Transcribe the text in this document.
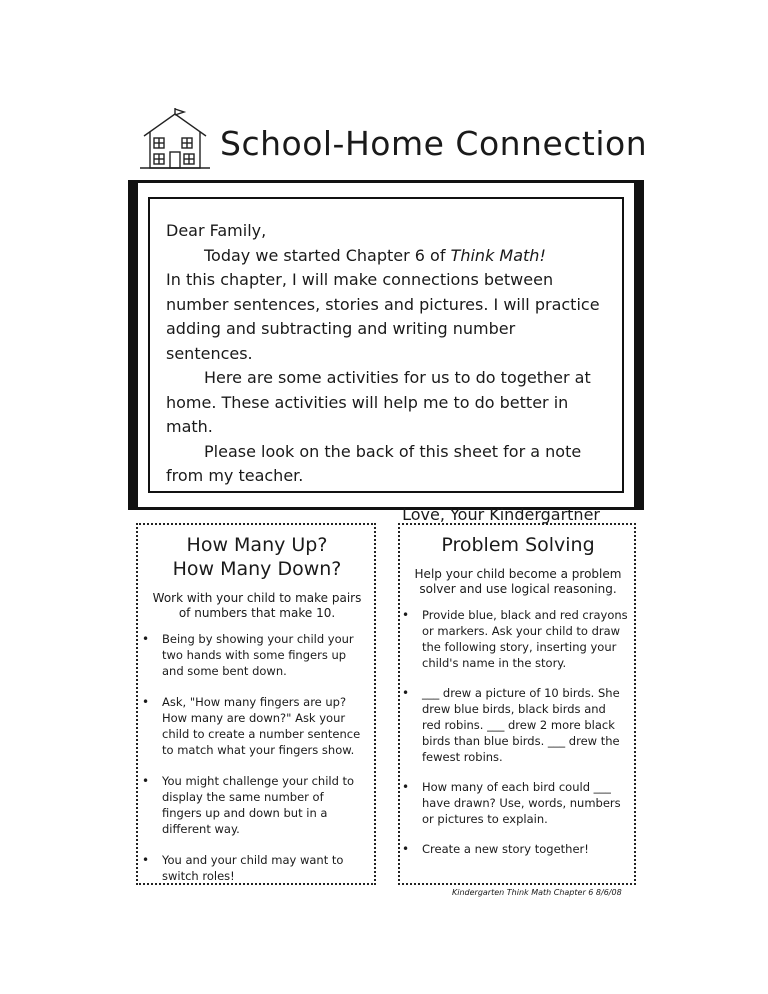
School-Home Connection

Dear Family,

Today we started Chapter 6 of Think Math!

In this chapter, I will make connections between number sentences, stories and pictures. I will practice adding and subtracting and writing number sentences.

Here are some activities for us to do together at home. These activities will help me to do better in math.

Please look on the back of this sheet for a note from my teacher.

Love, Your Kindergartner

How Many Up?
How Many Down?

Work with your child to make pairs of numbers that make 10.

• Being by showing your child your two hands with some fingers up and some bent down.
• Ask, "How many fingers are up? How many are down?" Ask your child to create a number sentence to match what your fingers show.
• You might challenge your child to display the same number of fingers up and down but in a different way.
• You and your child may want to switch roles!
Problem Solving

Help your child become a problem solver and use logical reasoning.

• Provide blue, black and red crayons or markers. Ask your child to draw the following story, inserting your child's name in the story.
• ___ drew a picture of 10 birds. She drew blue birds, black birds and red robins. ___ drew 2 more black birds than blue birds. ___ drew the fewest robins.
• How many of each bird could ___ have drawn? Use, words, numbers or pictures to explain.
• Create a new story together!
Kindergarten Think Math Chapter 6 8/6/08
